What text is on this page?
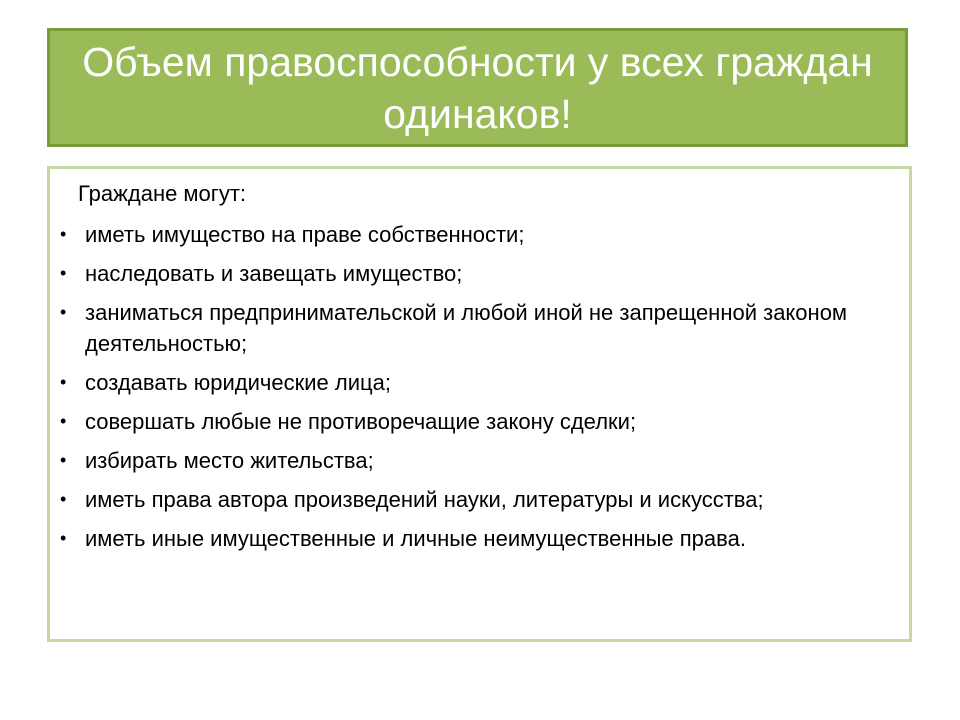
Объем правоспособности у всех граждан одинаков!
Граждане могут:
• иметь имущество на праве собственности;
• наследовать и завещать имущество;
• заниматься предпринимательской и любой иной не запрещенной законом деятельностью;
• создавать юридические лица;
• совершать любые не противоречащие закону сделки;
• избирать место жительства;
• иметь права автора произведений науки, литературы и искусства;
• иметь иные имущественные и личные неимущественные права.
